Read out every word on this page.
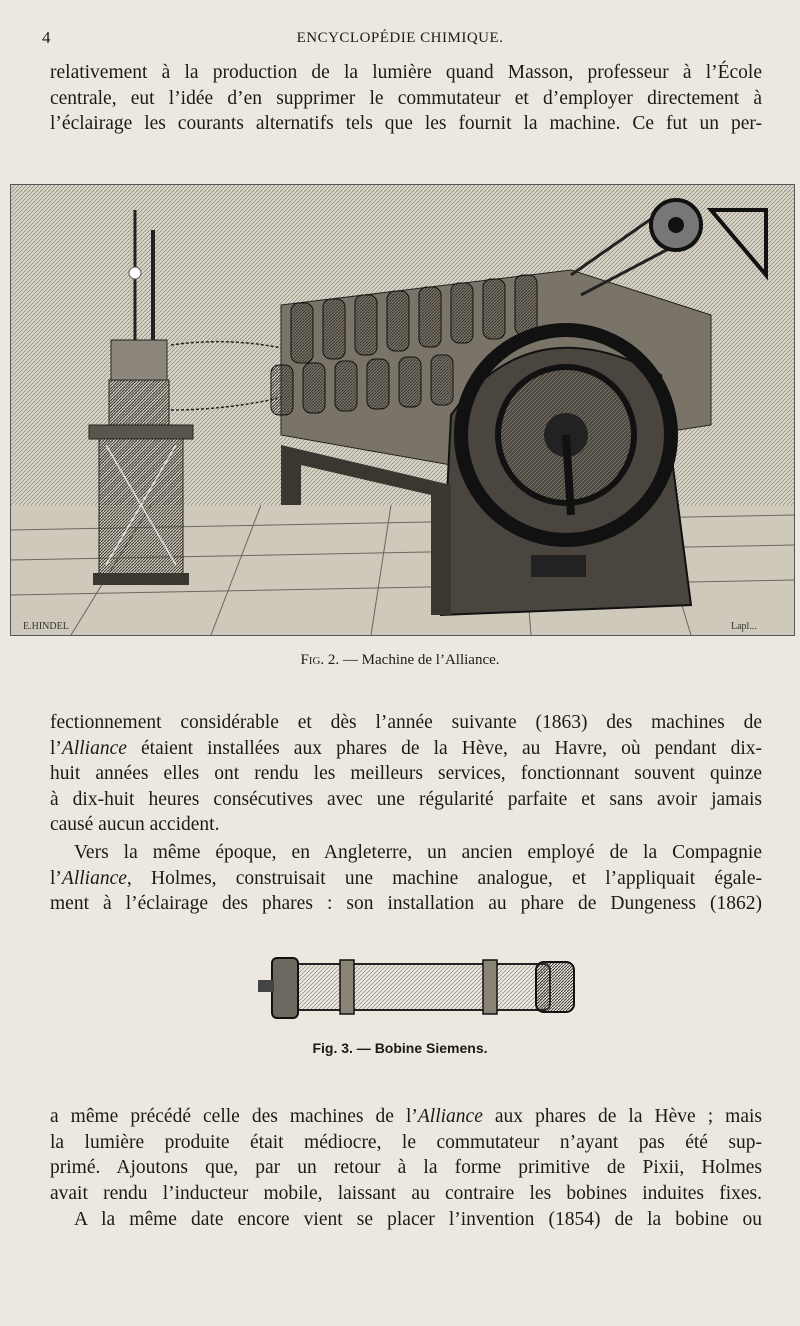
4	ENCYCLOPÉDIE CHIMIQUE.
relativement à la production de la lumière quand Masson, professeur à l’École
centrale, eut l’idée d’en supprimer le commutateur et d’employer directement à
l’éclairage les courants alternatifs tels que les fournit la machine. Ce fut un per-
E.HINDEL	Lapl...
Fig. 2. — Machine de l’Alliance.
fectionnement considérable et dès l’année suivante (1863) des machines de
l’Alliance étaient installées aux phares de la Hève, au Havre, où pendant dix-
huit années elles ont rendu les meilleurs services, fonctionnant souvent quinze
à dix-huit heures consécutives avec une régularité parfaite et sans avoir jamais
causé aucun accident.
Vers la même époque, en Angleterre, un ancien employé de la Compagnie
l’Alliance, Holmes, construisait une machine analogue, et l’appliquait égale-
ment à l’éclairage des phares : son installation au phare de Dungeness (1862)
Fig. 3. — Bobine Siemens.
a même précédé celle des machines de l’Alliance aux phares de la Hève ; mais
la lumière produite était médiocre, le commutateur n’ayant pas été sup-
primé. Ajoutons que, par un retour à la forme primitive de Pixii, Holmes
avait rendu l’inducteur mobile, laissant au contraire les bobines induites fixes.
A la même date encore vient se placer l’invention (1854) de la bobine ou
